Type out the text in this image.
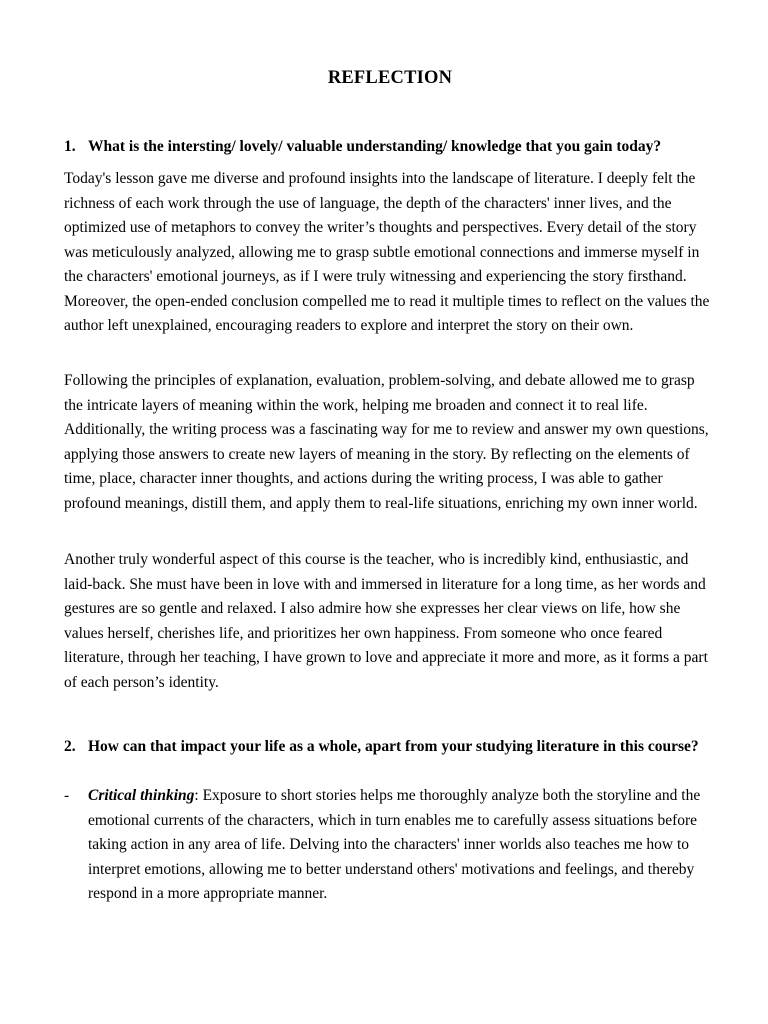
REFLECTION
1. What is the intersting/ lovely/ valuable understanding/ knowledge that you gain today?

Today's lesson gave me diverse and profound insights into the landscape of literature. I deeply felt the richness of each work through the use of language, the depth of the characters' inner lives, and the optimized use of metaphors to convey the writer’s thoughts and perspectives. Every detail of the story was meticulously analyzed, allowing me to grasp subtle emotional connections and immerse myself in the characters' emotional journeys, as if I were truly witnessing and experiencing the story firsthand. Moreover, the open-ended conclusion compelled me to read it multiple times to reflect on the values the author left unexplained, encouraging readers to explore and interpret the story on their own.

Following the principles of explanation, evaluation, problem-solving, and debate allowed me to grasp the intricate layers of meaning within the work, helping me broaden and connect it to real life. Additionally, the writing process was a fascinating way for me to review and answer my own questions, applying those answers to create new layers of meaning in the story. By reflecting on the elements of time, place, character inner thoughts, and actions during the writing process, I was able to gather profound meanings, distill them, and apply them to real-life situations, enriching my own inner world.

Another truly wonderful aspect of this course is the teacher, who is incredibly kind, enthusiastic, and laid-back. She must have been in love with and immersed in literature for a long time, as her words and gestures are so gentle and relaxed. I also admire how she expresses her clear views on life, how she values herself, cherishes life, and prioritizes her own happiness. From someone who once feared literature, through her teaching, I have grown to love and appreciate it more and more, as it forms a part of each person’s identity.

2. How can that impact your life as a whole, apart from your studying literature in this course?
-	Critical thinking: Exposure to short stories helps me thoroughly analyze both the storyline and the emotional currents of the characters, which in turn enables me to carefully assess situations before taking action in any area of life. Delving into the characters' inner worlds also teaches me how to interpret emotions, allowing me to better understand others' motivations and feelings, and thereby respond in a more appropriate manner.
